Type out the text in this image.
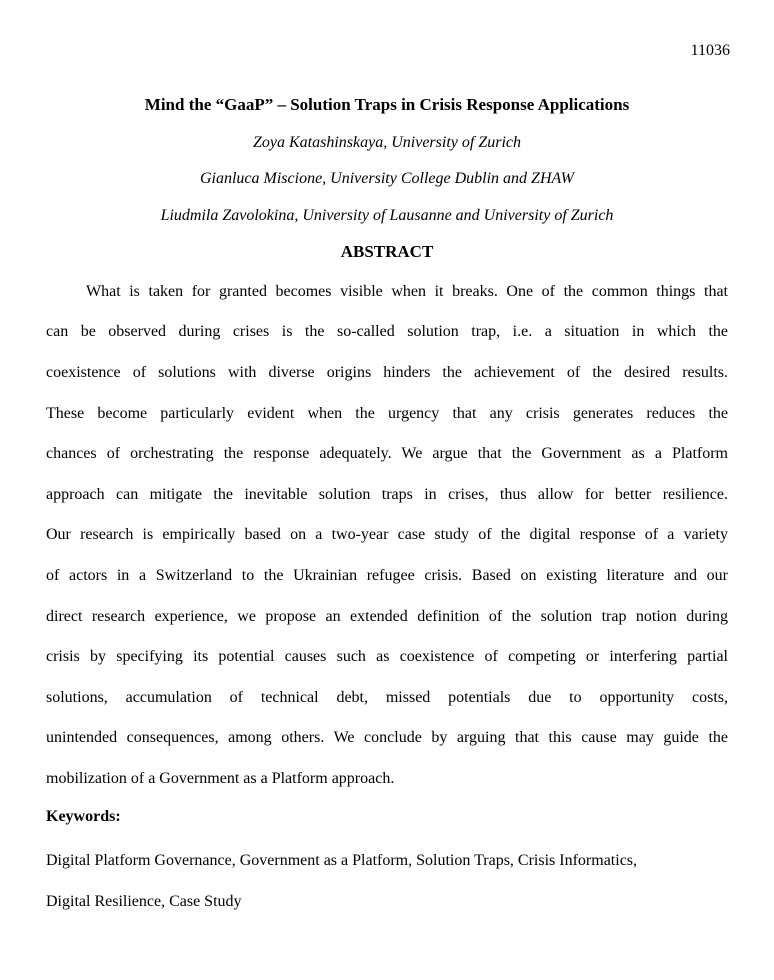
11036
Mind the “GaaP” – Solution Traps in Crisis Response Applications
Zoya Katashinskaya, University of Zurich
Gianluca Miscione, University College Dublin and ZHAW
Liudmila Zavolokina, University of Lausanne and University of Zurich
ABSTRACT
What is taken for granted becomes visible when it breaks. One of the common things that
can be observed during crises is the so-called solution trap, i.e. a situation in which the
coexistence of solutions with diverse origins hinders the achievement of the desired results.
These become particularly evident when the urgency that any crisis generates reduces the
chances of orchestrating the response adequately. We argue that the Government as a Platform
approach can mitigate the inevitable solution traps in crises, thus allow for better resilience.
Our research is empirically based on a two-year case study of the digital response of a variety
of actors in a Switzerland to the Ukrainian refugee crisis. Based on existing literature and our
direct research experience, we propose an extended definition of the solution trap notion during
crisis by specifying its potential causes such as coexistence of competing or interfering partial
solutions, accumulation of technical debt, missed potentials due to opportunity costs,
unintended consequences, among others. We conclude by arguing that this cause may guide the
mobilization of a Government as a Platform approach.
Keywords:
Digital Platform Governance, Government as a Platform, Solution Traps, Crisis Informatics,
Digital Resilience, Case Study
